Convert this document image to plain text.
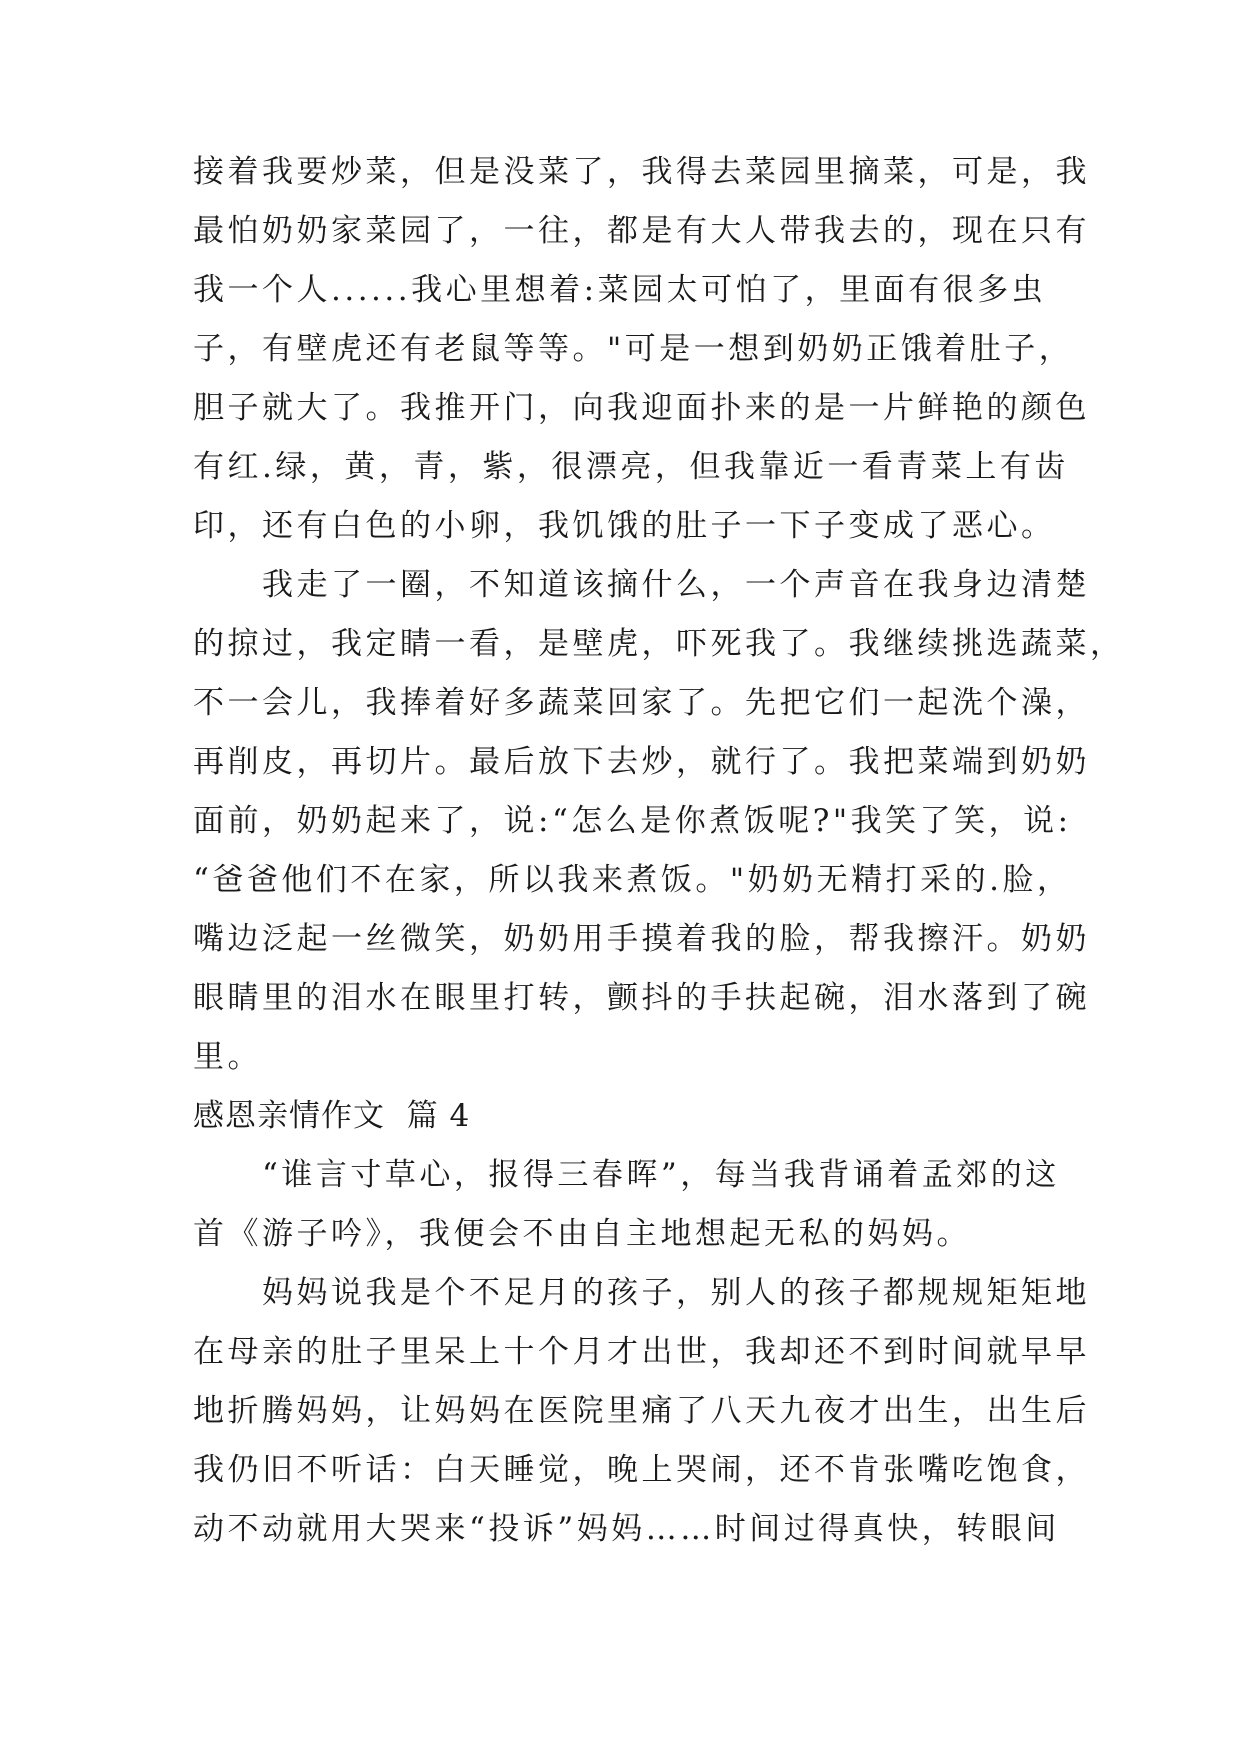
接着我要炒菜，但是没菜了，我得去菜园里摘菜，可是，我
最怕奶奶家菜园了，一往，都是有大人带我去的，现在只有
我一个人......我心里想着:菜园太可怕了，里面有很多虫
子，有壁虎还有老鼠等等。"可是一想到奶奶正饿着肚子，
胆子就大了。我推开门，向我迎面扑来的是一片鲜艳的颜色
有红.绿，黄，青，紫，很漂亮，但我靠近一看青菜上有齿
印，还有白色的小卵，我饥饿的肚子一下子变成了恶心。
　　我走了一圈，不知道该摘什么，一个声音在我身边清楚
的掠过，我定睛一看，是壁虎，吓死我了。我继续挑选蔬菜，
不一会儿，我捧着好多蔬菜回家了。先把它们一起洗个澡，
再削皮，再切片。最后放下去炒，就行了。我把菜端到奶奶
面前，奶奶起来了，说:“怎么是你煮饭呢?"我笑了笑，说:
“爸爸他们不在家，所以我来煮饭。"奶奶无精打采的.脸，
嘴边泛起一丝微笑，奶奶用手摸着我的脸，帮我擦汗。奶奶
眼睛里的泪水在眼里打转，颤抖的手扶起碗，泪水落到了碗
里。
感恩亲情作文  篇 4
　　“谁言寸草心，报得三春晖”，每当我背诵着孟郊的这
首《游子吟》，我便会不由自主地想起无私的妈妈。
　　妈妈说我是个不足月的孩子，别人的孩子都规规矩矩地
在母亲的肚子里呆上十个月才出世，我却还不到时间就早早
地折腾妈妈，让妈妈在医院里痛了八天九夜才出生，出生后
我仍旧不听话：白天睡觉，晚上哭闹，还不肯张嘴吃饱食，
动不动就用大哭来“投诉”妈妈……时间过得真快，转眼间
